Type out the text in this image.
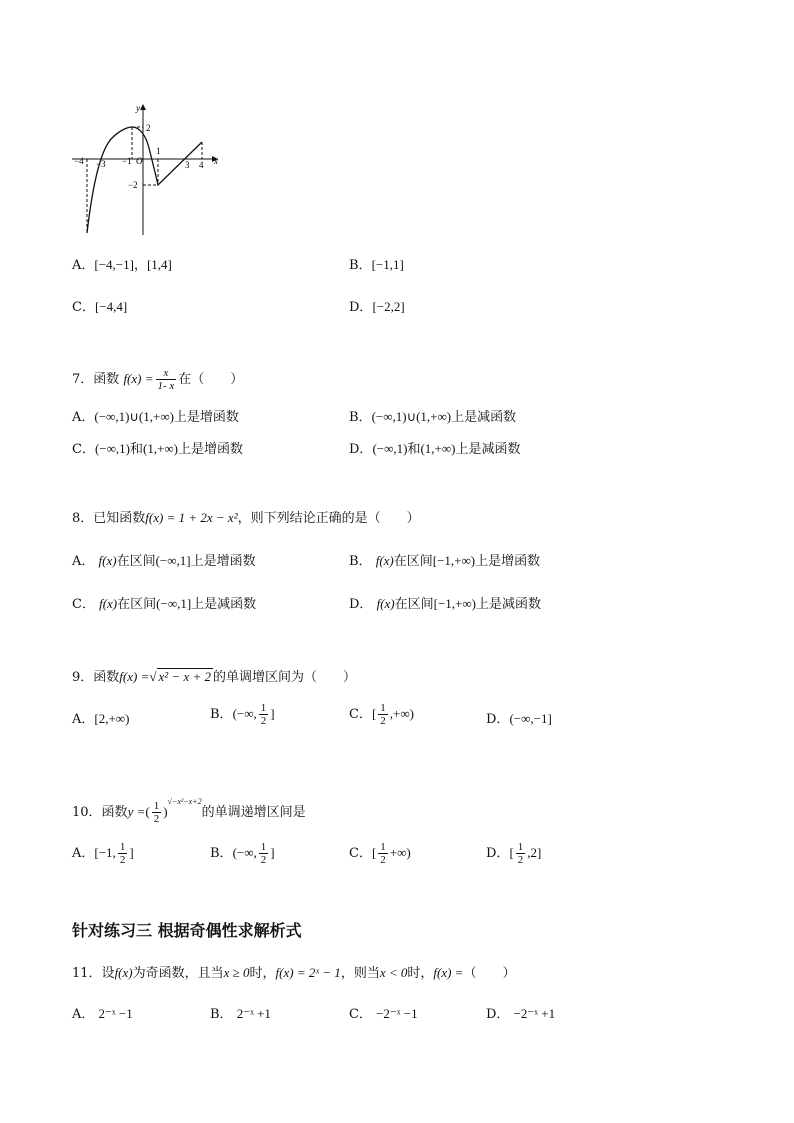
y
x
−4 −3 −1 O
1
3 4
2
−2
A．[−4,−1]，[1,4]	B．[−1,1]
C．[−4,4]	D．[−2,2]
7．函数 $f(x) = \frac{x}{1- x}$ 在（　　）
A．(−∞,1)∪(1,+∞)上是增函数	B．(−∞,1)∪(1,+∞)上是减函数
C．(−∞,1)和(1,+∞)上是增函数	D．(−∞,1)和(1,+∞)上是减函数
8．已知函数f(x) = 1 + 2x − x²，则下列结论正确的是（　　）
A． f(x)在区间(−∞,1]上是增函数	B． f(x)在区间[−1,+∞)上是增函数
C． f(x)在区间(−∞,1]上是减函数	D． f(x)在区间[−1,+∞)上是减函数
9．函数f(x) =√ x² − x + 2 的单调增区间为（　　）
A．[2,+∞)	B．(−∞, $\frac{1}{2}$ ]	C．[ $\frac{1}{2}$ ,+∞)	D．(−∞,−1]
10．函数y =( $\frac{1}{2} )^{√-x^2-x+2}$的单调递增区间是
A．[−1, $\frac{1}{2}$ ]	B．(−∞, $\frac{1}{2}$ ]	C．[ $\frac{1}{2}$ +∞)	D．[ $\frac{1}{2} ,2$]
针对练习三 根据奇偶性求解析式
11．设f(x)为奇函数，且当x ≥ 0时，f(x) = 2ˣ − 1，则当x < 0时，f(x) =（　　）
A． 2⁻ˣ −1	B． 2⁻ˣ +1	C． −2⁻ˣ −1	D． −2⁻ˣ +1
